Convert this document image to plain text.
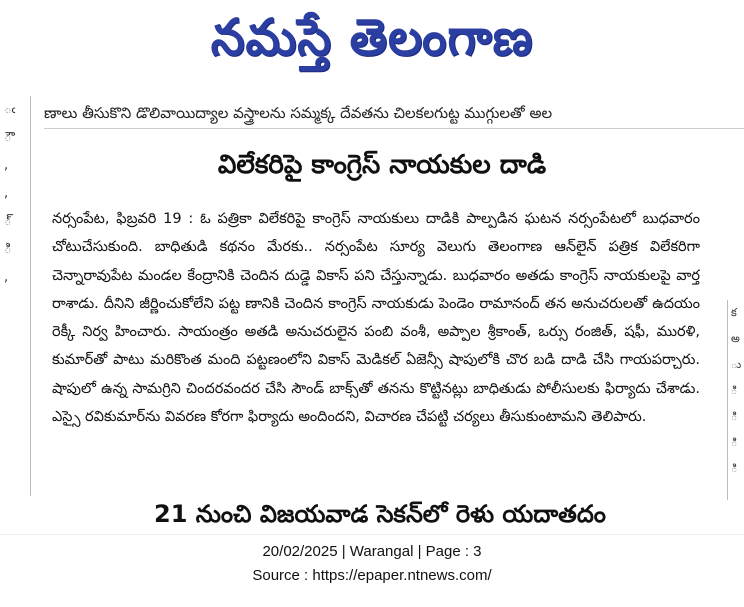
నమస్తే తెలంగాణ
ఁ
ౌ
,
,
్
ి
,
క
అ
ు
ి
ి
ి
ి
ణాలు తీసుకొని డొలివాయిద్యాల వస్త్రాలను సమ్మక్క దేవతను చిలకలగుట్ట ముగ్గులతో అల
విలేకరిపై కాంగ్రెస్ నాయకుల దాడి
నర్సంపేట, ఫిబ్రవరి 19 : ఓ పత్రికా విలేకరిపై కాంగ్రెస్ నాయకులు దాడికి పాల్పడిన ఘటన నర్సంపేటలో బుధవారం చోటుచేసుకుంది. బాధితుడి కథనం మేరకు.. నర్సంపేట సూర్య వెలుగు తెలంగాణ ఆన్‌లైన్ పత్రిక విలేకరిగా చెన్నారావుపేట మండల కేంద్రానికి చెందిన దుడ్డె వికాస్ పని చేస్తున్నాడు. బుధవారం అతడు కాంగ్రెస్ నాయకులపై వార్త రాశాడు. దీనిని జీర్ణించుకోలేని పట్ట ణానికి చెందిన కాంగ్రెస్ నాయకుడు పెండెం రామానంద్ తన అనుచరులతో ఉదయం రెక్కీ నిర్వ హించారు. సాయంత్రం అతడి అనుచరులైన పంబి వంశీ, అప్పాల శ్రీకాంత్, ఒర్సు రంజిత్, షఫీ, మురళి, కుమార్‌తో పాటు మరికొంత మంది పట్టణంలోని వికాస్ మెడికల్ ఏజెన్సీ షాపులోకి చొర బడి దాడి చేసి గాయపర్చారు. షాపులో ఉన్న సామగ్రిని చిందరవందర చేసి సౌండ్ బాక్స్‌తో తనను కొట్టినట్లు బాధితుడు పోలీసులకు ఫిర్యాదు చేశాడు. ఎస్సై రవికుమార్‌ను వివరణ కోరగా ఫిర్యాదు అందిందని, విచారణ చేపట్టి చర్యలు తీసుకుంటామని తెలిపారు.
21 నుంచి విజయవాడ సెకన్‌లో రెళు యదాతదం
20/02/2025 | Warangal | Page : 3
Source : https://epaper.ntnews.com/
